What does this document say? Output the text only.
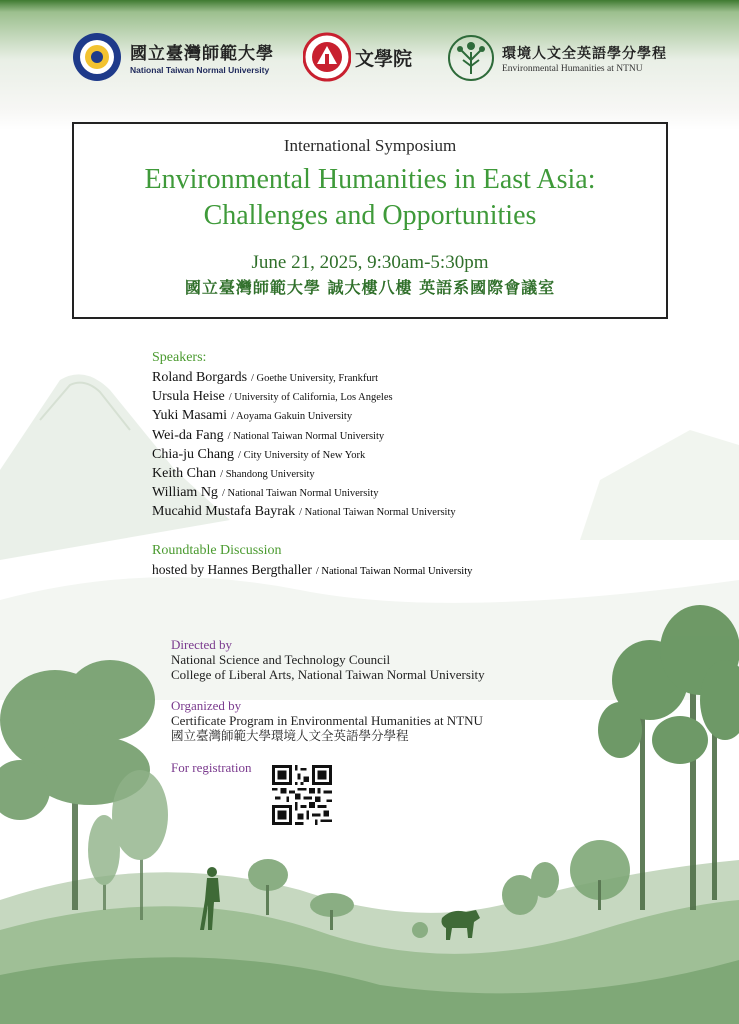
國立臺灣師範大學
National Taiwan Normal University
文學院	環境人文全英語學分學程
Environmental Humanities at NTNU
International Symposium
Environmental Humanities in East Asia:
Challenges and Opportunities
June 21, 2025, 9:30am-5:30pm
國立臺灣師範大學 誠大樓八樓 英語系國際會議室
Speakers:
Roland Borgards / Goethe University, Frankfurt
Ursula Heise / University of California, Los Angeles
Yuki Masami / Aoyama Gakuin University
Wei-da Fang / National Taiwan Normal University
Chia-ju Chang / City University of New York
Keith Chan / Shandong University
William Ng / National Taiwan Normal University
Mucahid Mustafa Bayrak / National Taiwan Normal University
Roundtable Discussion
hosted by Hannes Bergthaller / National Taiwan Normal University
Directed by
National Science and Technology Council
College of Liberal Arts, National Taiwan Normal University
Organized by
Certificate Program in Environmental Humanities at NTNU
國立臺灣師範大學環境人文全英語學分學程
For registration
